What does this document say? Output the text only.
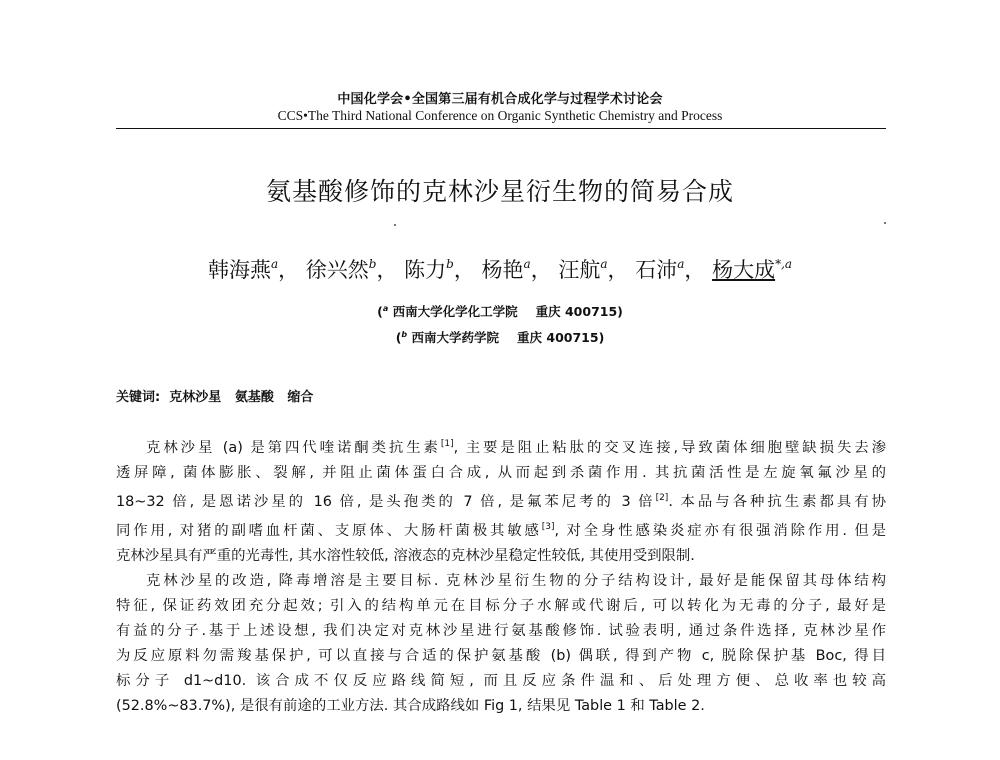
中国化学会•全国第三届有机合成化学与过程学术讨论会
CCS•The Third National Conference on Organic Synthetic Chemistry and Process
氨基酸修饰的克林沙星衍生物的简易合成
韩海燕$^a$， 徐兴然$^b$， 陈力$^b$， 杨艳$^a$， 汪航$^a$， 石沛$^a$， 杨大成$^{*,a}$
($^a$ 西南大学化学化工学院 重庆 400715)
($^b$ 西南大学药学院 重庆 400715)
关键词: 克林沙星   氨基酸   缩合
克林沙星 (a) 是第四代喹诺酮类抗生素[1], 主要是阻止粘肽的交叉连接,导致菌体细胞壁缺损失去渗
透屏障, 菌体膨胀、裂解, 并阻止菌体蛋白合成, 从而起到杀菌作用. 其抗菌活性是左旋氧氟沙星的
18~32 倍, 是恩诺沙星的 16 倍, 是头孢类的 7 倍, 是氟苯尼考的 3 倍[2]. 本品与各种抗生素都具有协
同作用, 对猪的副嗜血杆菌、支原体、大肠杆菌极其敏感[3], 对全身性感染炎症亦有很强消除作用. 但是
克林沙星具有严重的光毒性, 其水溶性较低, 溶液态的克林沙星稳定性较低, 其使用受到限制.
克林沙星的改造, 降毒增溶是主要目标. 克林沙星衍生物的分子结构设计, 最好是能保留其母体结构
特征, 保证药效团充分起效; 引入的结构单元在目标分子水解或代谢后, 可以转化为无毒的分子, 最好是
有益的分子.基于上述设想, 我们决定对克林沙星进行氨基酸修饰. 试验表明, 通过条件选择, 克林沙星作
为反应原料勿需羧基保护, 可以直接与合适的保护氨基酸 (b) 偶联, 得到产物 c, 脱除保护基 Boc, 得目
标分子 d1~d10. 该合成不仅反应路线简短, 而且反应条件温和、后处理方便、总收率也较高
(52.8%~83.7%), 是很有前途的工业方法. 其合成路线如 Fig 1, 结果见 Table 1 和 Table 2.
